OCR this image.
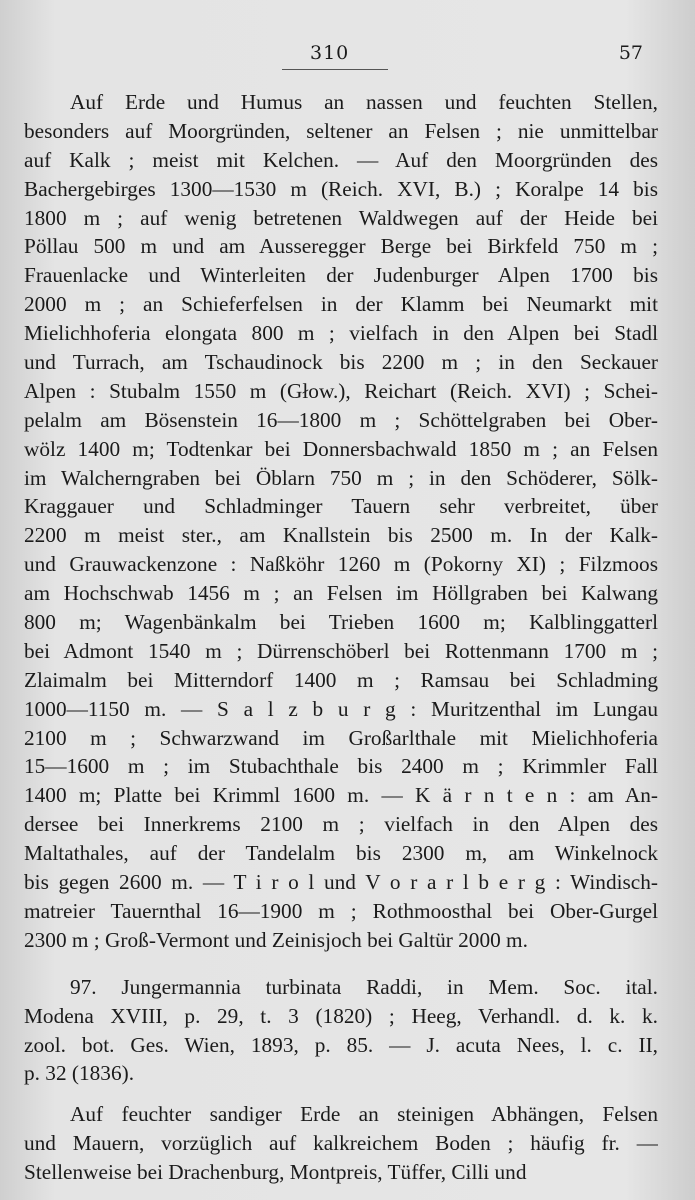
310	57
Auf Erde und Humus an nassen und feuchten Stellen,
besonders auf Moorgründen, seltener an Felsen ; nie unmittelbar
auf Kalk ; meist mit Kelchen. — Auf den Moorgründen des
Bachergebirges 1300—1530 m (Reich. XVI, B.) ; Koralpe 14 bis
1800 m ; auf wenig betretenen Waldwegen auf der Heide bei
Pöllau 500 m und am Ausseregger Berge bei Birkfeld 750 m ;
Frauenlacke und Winterleiten der Judenburger Alpen 1700 bis
2000 m ; an Schieferfelsen in der Klamm bei Neumarkt mit
Mielichhoferia elongata 800 m ; vielfach in den Alpen bei Stadl
und Turrach, am Tschaudinock bis 2200 m ; in den Seckauer
Alpen : Stubalm 1550 m (Głow.), Reichart (Reich. XVI) ; Schei-
pelalm am Bösenstein 16—1800 m ; Schöttelgraben bei Ober-
wölz 1400 m; Todtenkar bei Donnersbachwald 1850 m ; an Felsen
im Walcherngraben bei Öblarn 750 m ; in den Schöderer, Sölk-
Kraggauer und Schladminger Tauern sehr verbreitet, über
2200 m meist ster., am Knallstein bis 2500 m. In der Kalk-
und Grauwackenzone : Naßköhr 1260 m (Pokorny XI) ; Filzmoos
am Hochschwab 1456 m ; an Felsen im Höllgraben bei Kalwang
800 m; Wagenbänkalm bei Trieben 1600 m; Kalblinggatterl
bei Admont 1540 m ; Dürrenschöberl bei Rottenmann 1700 m ;
Zlaimalm bei Mitterndorf 1400 m ; Ramsau bei Schladming
1000—1150 m. — S a l z b u r g : Muritzenthal im Lungau
2100 m ; Schwarzwand im Großarlthale mit Mielichhoferia
15—1600 m ; im Stubachthale bis 2400 m ; Krimmler Fall
1400 m; Platte bei Krimml 1600 m. — K ä r n t e n : am An-
dersee bei Innerkrems 2100 m ; vielfach in den Alpen des
Maltathales, auf der Tandelalm bis 2300 m, am Winkelnock
bis gegen 2600 m. — T i r o l und V o r a r l b e r g : Windisch-
matreier Tauernthal 16—1900 m ; Rothmoosthal bei Ober-Gurgel
2300 m ; Groß-Vermont und Zeinisjoch bei Galtür 2000 m.
97. Jungermannia turbinata Raddi, in Mem. Soc. ital.
Modena XVIII, p. 29, t. 3 (1820) ; Heeg, Verhandl. d. k. k.
zool. bot. Ges. Wien, 1893, p. 85. — J. acuta Nees, l. c. II,
p. 32 (1836).
Auf feuchter sandiger Erde an steinigen Abhängen, Felsen
und Mauern, vorzüglich auf kalkreichem Boden ; häufig fr. —
Stellenweise bei Drachenburg, Montpreis, Tüffer, Cilli und
